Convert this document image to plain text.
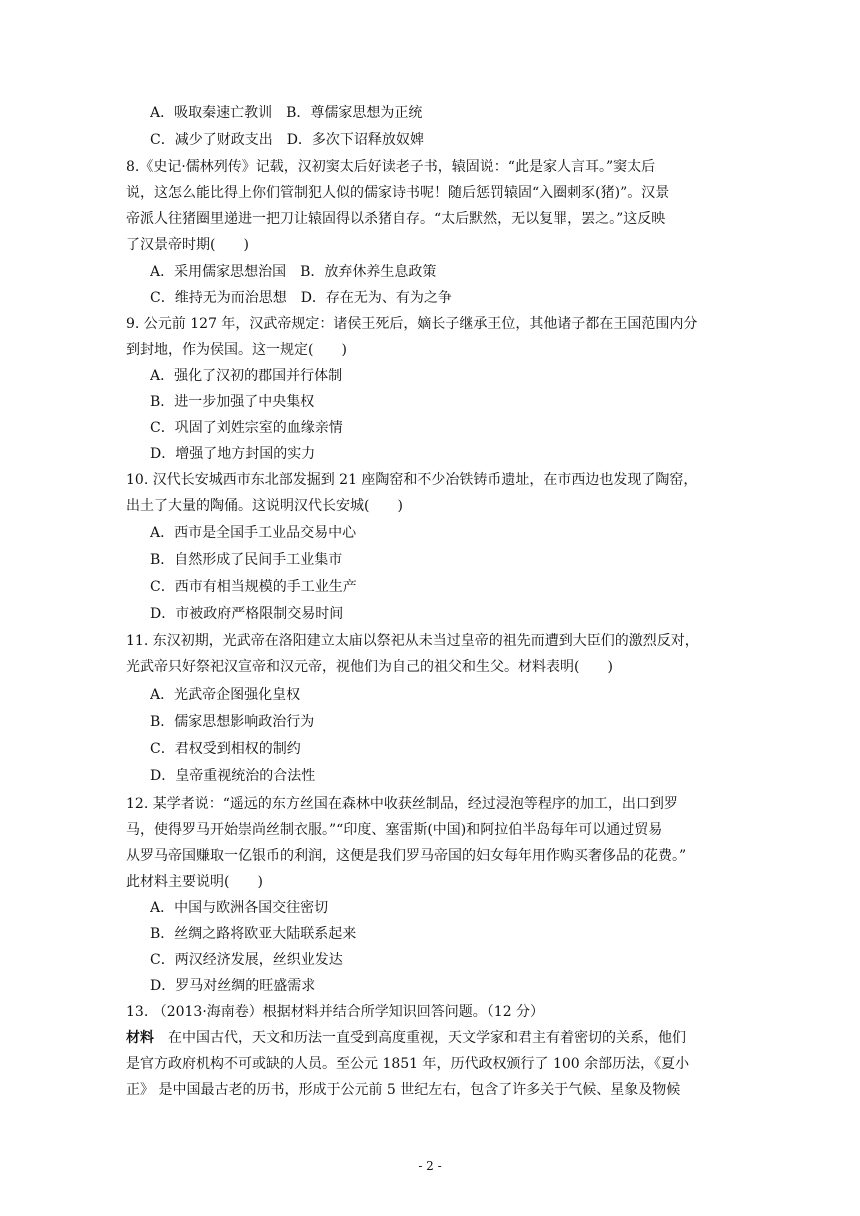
A．吸取秦速亡教训　B．尊儒家思想为正统
C．减少了财政支出　D．多次下诏释放奴婢
8.《史记·儒林列传》记载，汉初窦太后好读老子书，辕固说：“此是家人言耳。”窦太后
说，这怎么能比得上你们管制犯人似的儒家诗书呢！随后惩罚辕固“入圈刺豕(猪)”。汉景
帝派人往猪圈里递进一把刀让辕固得以杀猪自存。“太后默然，无以复罪，罢之。”这反映
了汉景帝时期(　　)
A．采用儒家思想治国　B．放弃休养生息政策
C．维持无为而治思想　D．存在无为、有为之争
9. 公元前 127 年，汉武帝规定：诸侯王死后，嫡长子继承王位，其他诸子都在王国范围内分
到封地，作为侯国。这一规定(　　)
A．强化了汉初的郡国并行体制
B．进一步加强了中央集权
C．巩固了刘姓宗室的血缘亲情
D．增强了地方封国的实力
10. 汉代长安城西市东北部发掘到 21 座陶窑和不少冶铁铸币遗址，在市西边也发现了陶窑，
出土了大量的陶俑。这说明汉代长安城(　　)
A．西市是全国手工业品交易中心
B．自然形成了民间手工业集市
C．西市有相当规模的手工业生产
D．市被政府严格限制交易时间
11. 东汉初期，光武帝在洛阳建立太庙以祭祀从未当过皇帝的祖先而遭到大臣们的激烈反对，
光武帝只好祭祀汉宣帝和汉元帝，视他们为自己的祖父和生父。材料表明(　　)
A．光武帝企图强化皇权
B．儒家思想影响政治行为
C．君权受到相权的制约
D．皇帝重视统治的合法性
12. 某学者说：“遥远的东方丝国在森林中收获丝制品，经过浸泡等程序的加工，出口到罗
马，使得罗马开始崇尚丝制衣服。”“印度、塞雷斯(中国)和阿拉伯半岛每年可以通过贸易
从罗马帝国赚取一亿银币的利润，这便是我们罗马帝国的妇女每年用作购买奢侈品的花费。”
此材料主要说明(　　)
A．中国与欧洲各国交往密切
B．丝绸之路将欧亚大陆联系起来
C．两汉经济发展，丝织业发达
D．罗马对丝绸的旺盛需求
13. （2013·海南卷）根据材料并结合所学知识回答问题。（12 分）
材料　 在中国古代，天文和历法一直受到高度重视，天文学家和君主有着密切的关系，他们
是官方政府机构不可或缺的人员。至公元 1851 年，历代政权颁行了 100 余部历法，《夏小
正》 是中国最古老的历书，形成于公元前 5 世纪左右，包含了许多关于气候、星象及物候
- 2 -
